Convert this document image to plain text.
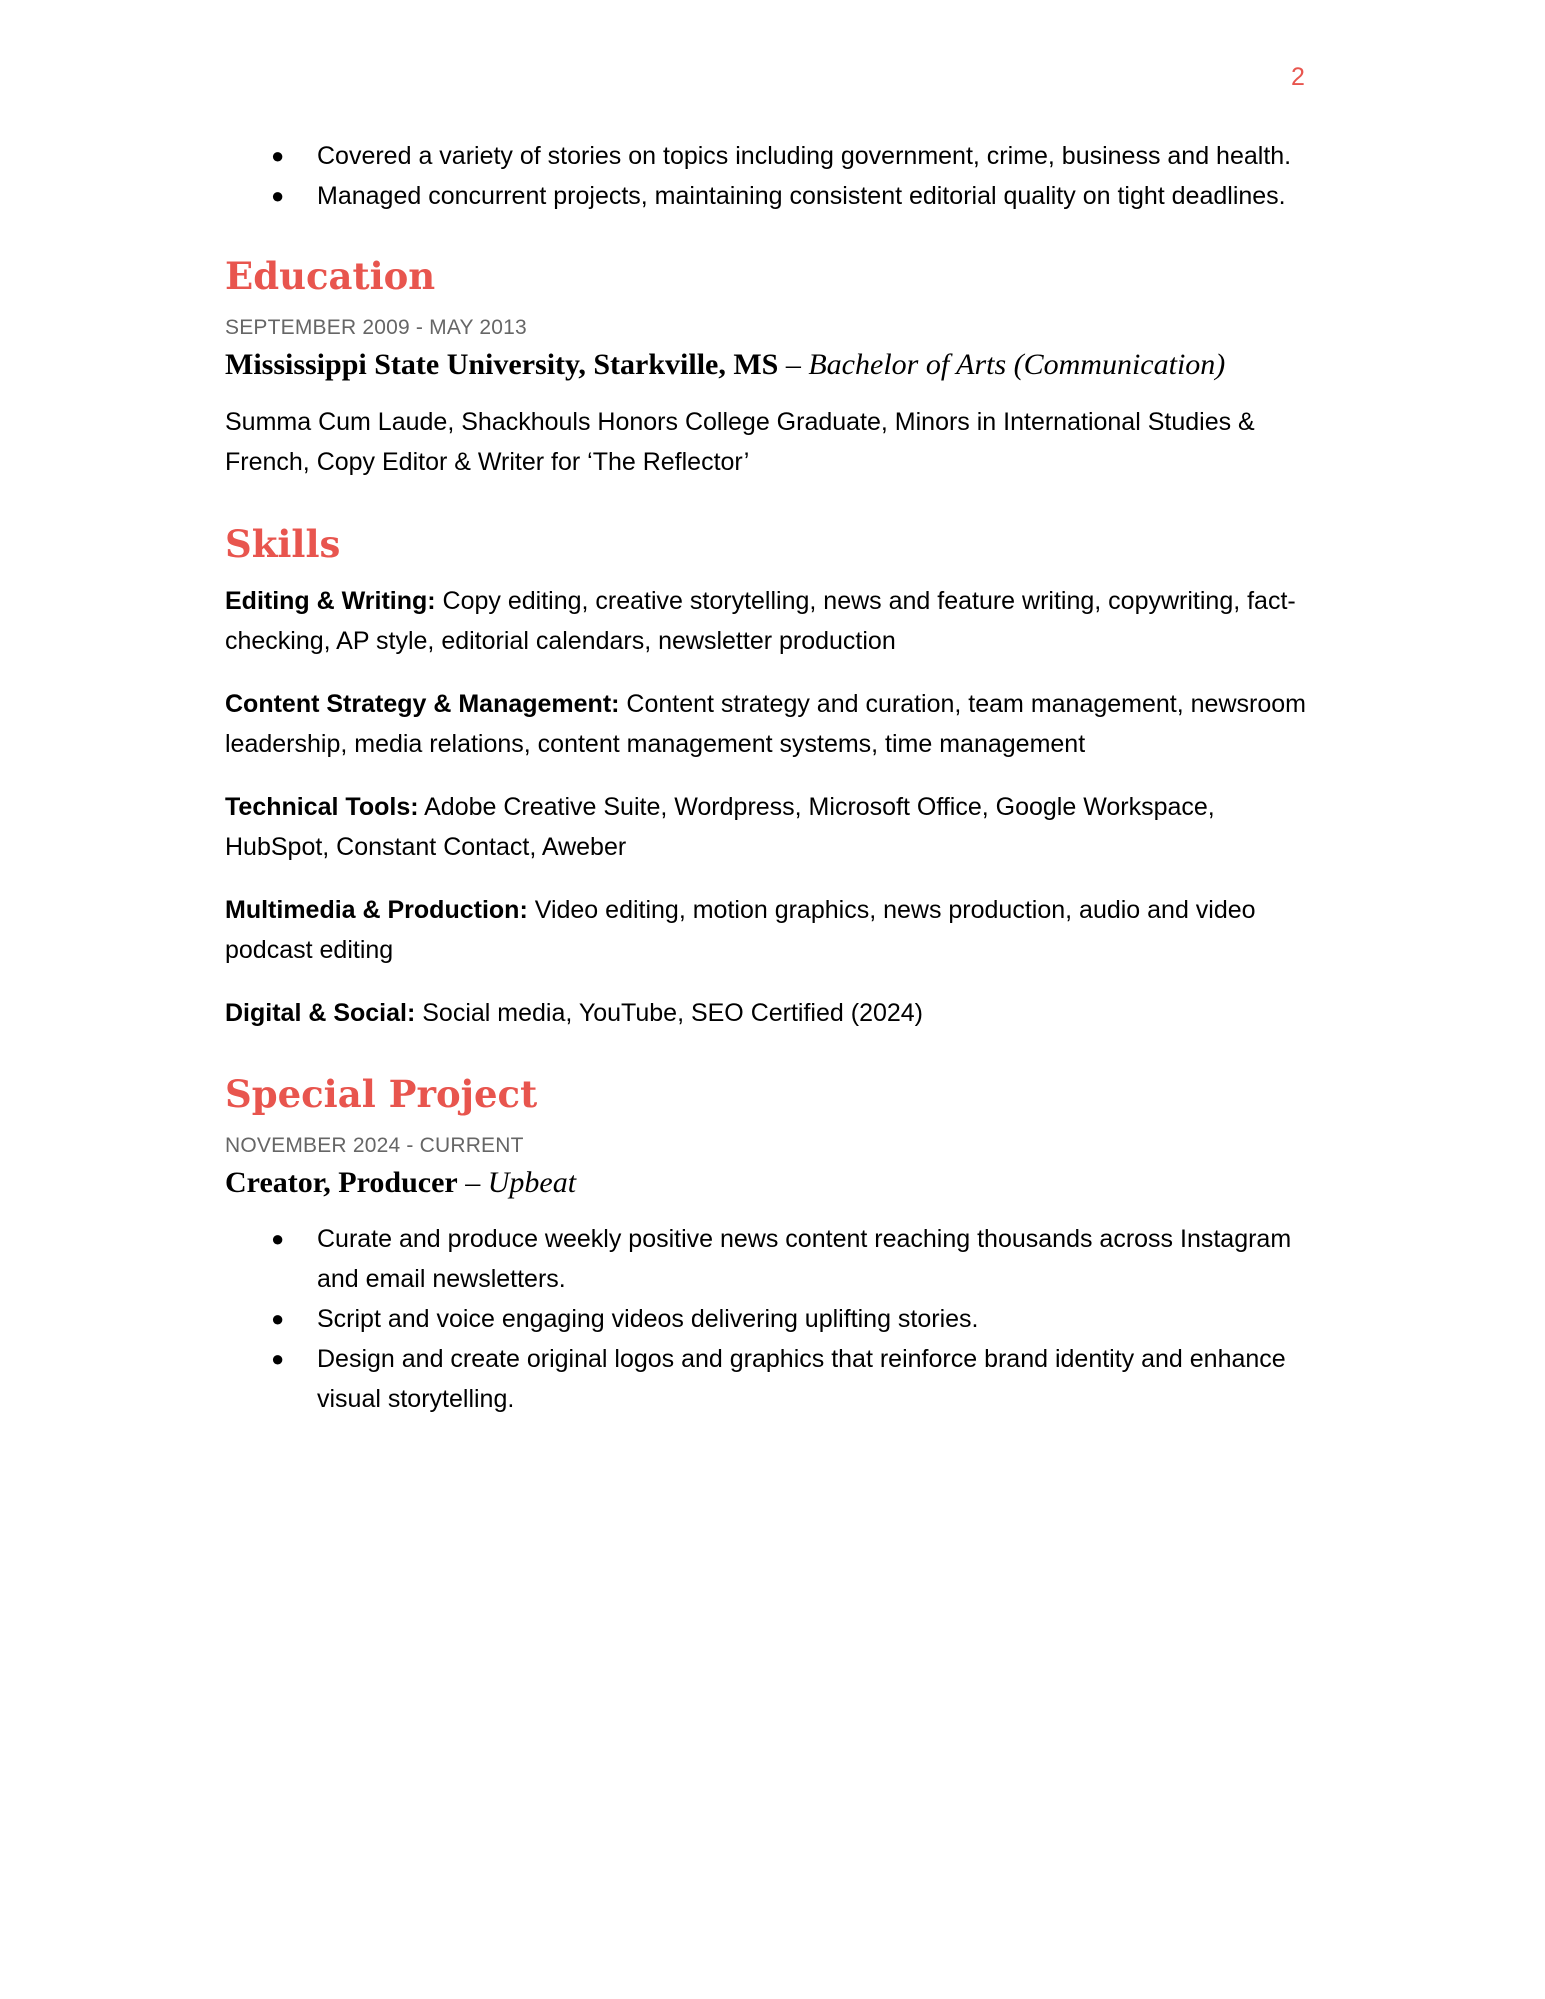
2
● Covered a variety of stories on topics including government, crime, business and health.
● Managed concurrent projects, maintaining consistent editorial quality on tight deadlines.
Education

SEPTEMBER 2009 - MAY 2013

Mississippi State University, Starkville, MS – Bachelor of Arts (Communication)

Summa Cum Laude, Shackhouls Honors College Graduate, Minors in International Studies & French, Copy Editor & Writer for ‘The Reflector’

Skills

Editing & Writing: Copy editing, creative storytelling, news and feature writing, copywriting, fact-checking, AP style, editorial calendars, newsletter production

Content Strategy & Management: Content strategy and curation, team management, newsroom leadership, media relations, content management systems, time management

Technical Tools: Adobe Creative Suite, Wordpress, Microsoft Office, Google Workspace, HubSpot, Constant Contact, Aweber

Multimedia & Production: Video editing, motion graphics, news production, audio and video podcast editing

Digital & Social: Social media, YouTube, SEO Certified (2024)

Special Project

NOVEMBER 2024 - CURRENT

Creator, Producer – Upbeat

● Curate and produce weekly positive news content reaching thousands across Instagram and email newsletters.
● Script and voice engaging videos delivering uplifting stories.
● Design and create original logos and graphics that reinforce brand identity and enhance visual storytelling.
